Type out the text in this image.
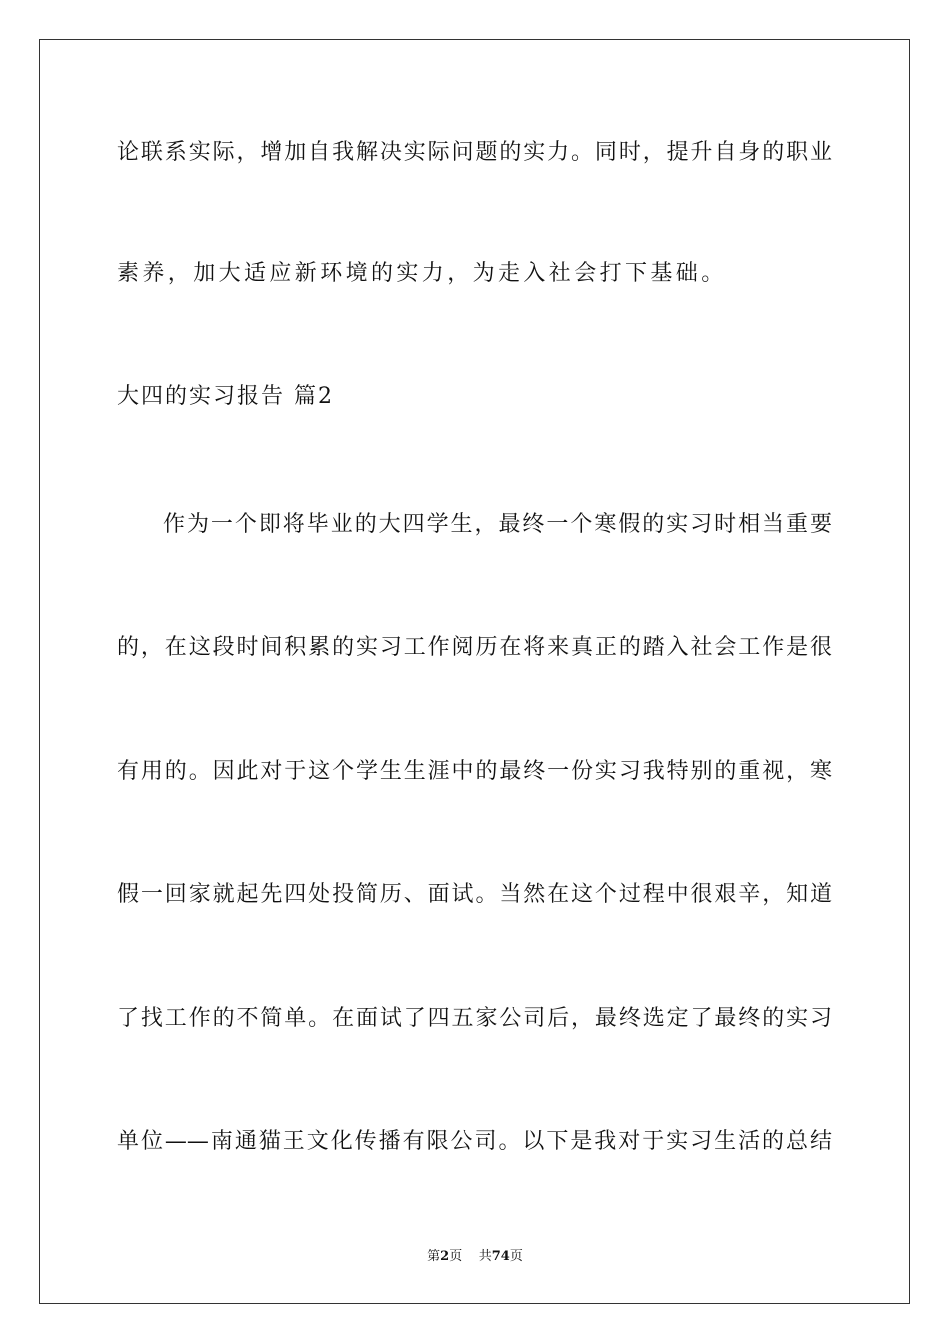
论联系实际，增加自我解决实际问题的实力。同时，提升自身的职业
素养，加大适应新环境的实力，为走入社会打下基础。
大四的实习报告 篇2
作为一个即将毕业的大四学生，最终一个寒假的实习时相当重要
的，在这段时间积累的实习工作阅历在将来真正的踏入社会工作是很
有用的。因此对于这个学生生涯中的最终一份实习我特别的重视，寒
假一回家就起先四处投简历、面试。当然在这个过程中很艰辛，知道
了找工作的不简单。在面试了四五家公司后，最终选定了最终的实习
单位——南通猫王文化传播有限公司。以下是我对于实习生活的总结
第2页 共74页
